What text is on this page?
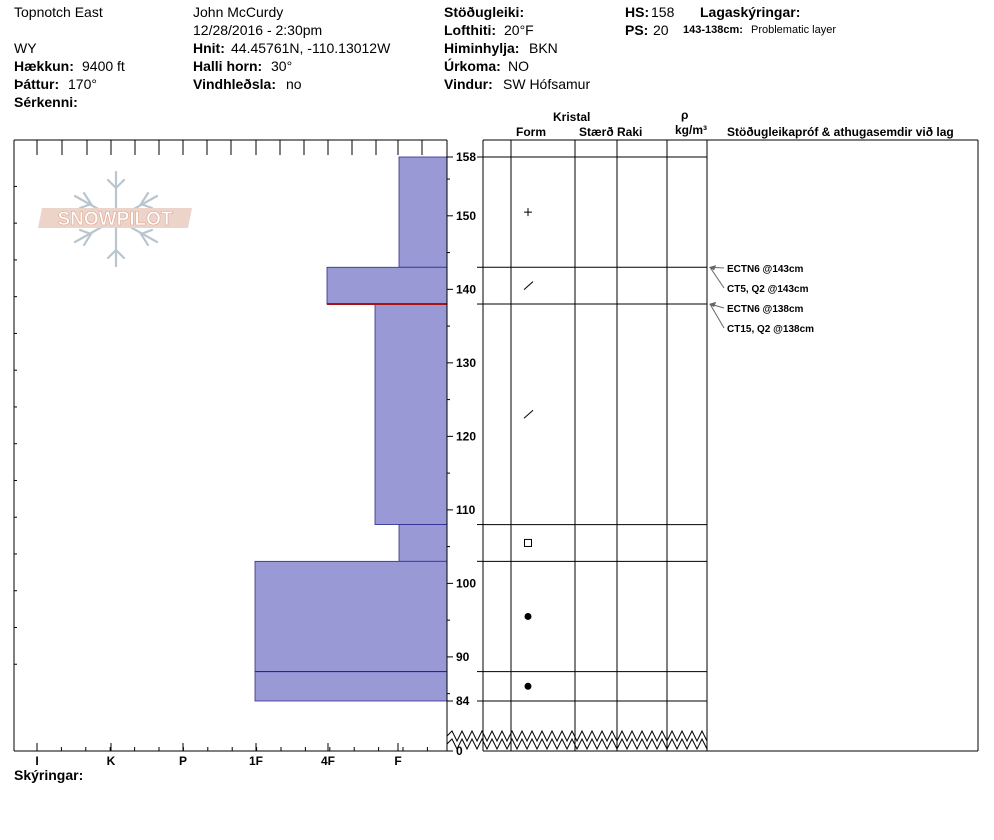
Topnotch East
WY
Hækkun: 9400 ft
Þáttur: 170°
Sérkenni:
John McCurdy
12/28/2016 - 2:30pm
Hnit: 44.45761N, -110.13012W
Halli horn: 30°
Vindhleðsla: no
Stöðugleiki:
Lofthiti: 20°F
Himinhylja: BKN
Úrkoma: NO
Vindur: SW Hófsamur
HS: 158
PS: 20
Lagaskýringar:
143-138cm: Problematic layer
Kristal
Form	Stærð Raki
ρ
kg/m³ Stöðugleikapróf & athugasemdir við lag
SNOWPILOT
I	K	P	1F	4F	F
158
150
140
130
120
110
100
90
84
0
ECTN6 @143cm
CT5, Q2 @143cm
ECTN6 @138cm
CT15, Q2 @138cm
Skýringar:
